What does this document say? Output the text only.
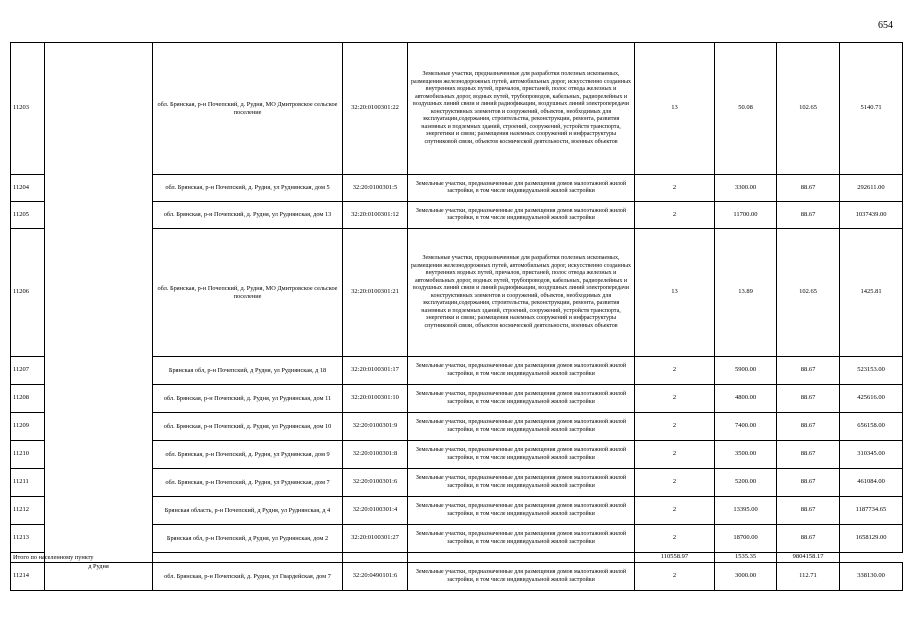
654
11203		обл. Брянская, р-н Почепский, д. Рудня, МО Дмитровское сельское поселение	32:20:0100301:22	Земельные участки, предназначенные для разработки полезных ископаемых, размещения железнодорожных путей, автомобильных дорог, искусственно созданных внутренних водных путей, причалов, пристаней, полос отвода железных и автомобильных дорог, водных путей, трубопроводов, кабельных, радиорелейных и воздушных линий связи и линий радиофикации, воздушных линий электропередачи конструктивных элементов и сооружений, объектов, необходимых для эксплуатации,содержания, строительства, реконструкции, ремонта, развития наземных и подземных зданий, строений, сооружений, устройств транспорта, энергетики и связи; размещения наземных сооружений и инфраструктуры спутниковой связи, объектов космической деятельности, военных объектов	13	50.08	102.65	5140.71
11204		обл. Брянская, р-н Почепский, д. Рудня, ул Руднянская, дом 5	32:20:0100301:5	Земельные участки, предназначенные для размещения домов малоэтажной жилой застройки, в том числе индивидуальной жилой застройки	2	3300.00	88.67	292611.00
11205		обл. Брянская, р-н Почепский, д. Рудня, ул Руднянская, дом 13	32:20:0100301:12	Земельные участки, предназначенные для размещения домов малоэтажной жилой застройки, в том числе индивидуальной жилой застройки	2	11700.00	88.67	1037439.00
11206		обл. Брянская, р-н Почепский, д. Рудня, МО Дмитровское сельское поселение	32:20:0100301:21	Земельные участки, предназначенные для разработки полезных ископаемых, размещения железнодорожных путей, автомобильных дорог, искусственно созданных внутренних водных путей, причалов, пристаней, полос отвода железных и автомобильных дорог, водных путей, трубопроводов, кабельных, радиорелейных и воздушных линий связи и линий радиофикации, воздушных линий электропередачи конструктивных элементов и сооружений, объектов, необходимых для эксплуатации,содержания, строительства, реконструкции, ремонта, развития наземных и подземных зданий, строений, сооружений, устройств транспорта, энергетики и связи; размещения наземных сооружений и инфраструктуры спутниковой связи, объектов космической деятельности, военных объектов	13	13.89	102.65	1425.81
11207		Брянская обл, р-н Почепский, д Рудня, ул Руднянская, д 18	32:20:0100301:17	Земельные участки, предназначенные для размещения домов малоэтажной жилой застройки, в том числе индивидуальной жилой застройки	2	5900.00	88.67	523153.00
11208		обл. Брянская, р-н Почепский, д. Рудня, ул Руднянская, дом 11	32:20:0100301:10	Земельные участки, предназначенные для размещения домов малоэтажной жилой застройки, в том числе индивидуальной жилой застройки	2	4800.00	88.67	425616.00
11209		обл. Брянская, р-н Почепский, д. Рудня, ул Руднянская, дом 10	32:20:0100301:9	Земельные участки, предназначенные для размещения домов малоэтажной жилой застройки, в том числе индивидуальной жилой застройки	2	7400.00	88.67	656158.00
11210		обл. Брянская, р-н Почепский, д. Рудня, ул Руднянская, дом 9	32:20:0100301:8	Земельные участки, предназначенные для размещения домов малоэтажной жилой застройки, в том числе индивидуальной жилой застройки	2	3500.00	88.67	310345.00
11211		обл. Брянская, р-н Почепский, д. Рудня, ул Руднянская, дом 7	32:20:0100301:6	Земельные участки, предназначенные для размещения домов малоэтажной жилой застройки, в том числе индивидуальной жилой застройки	2	5200.00	88.67	461084.00
11212		Брянская область, р-н Почепский, д Рудня, ул Руднянская, д 4	32:20:0100301:4	Земельные участки, предназначенные для размещения домов малоэтажной жилой застройки, в том числе индивидуальной жилой застройки	2	13395.00	88.67	1187734.65
11213		Брянская обл, р-н Почепский, д Рудня, ул Руднянская, дом 2	32:20:0100301:27	Земельные участки, предназначенные для размещения домов малоэтажной жилой застройки, в том числе индивидуальной жилой застройки	2	18700.00	88.67	1658129.00
Итого по населенному пункту					110558.97	1535.35	9804158.17	
11214	д Рудня	обл. Брянская, р-н Почепский, д. Рудня, ул Гвардейская, дом 7	32:20:0490101:6	Земельные участки, предназначенные для размещения домов малоэтажной жилой застройки, в том числе индивидуальной жилой застройки	2	3000.00	112.71	338130.00
